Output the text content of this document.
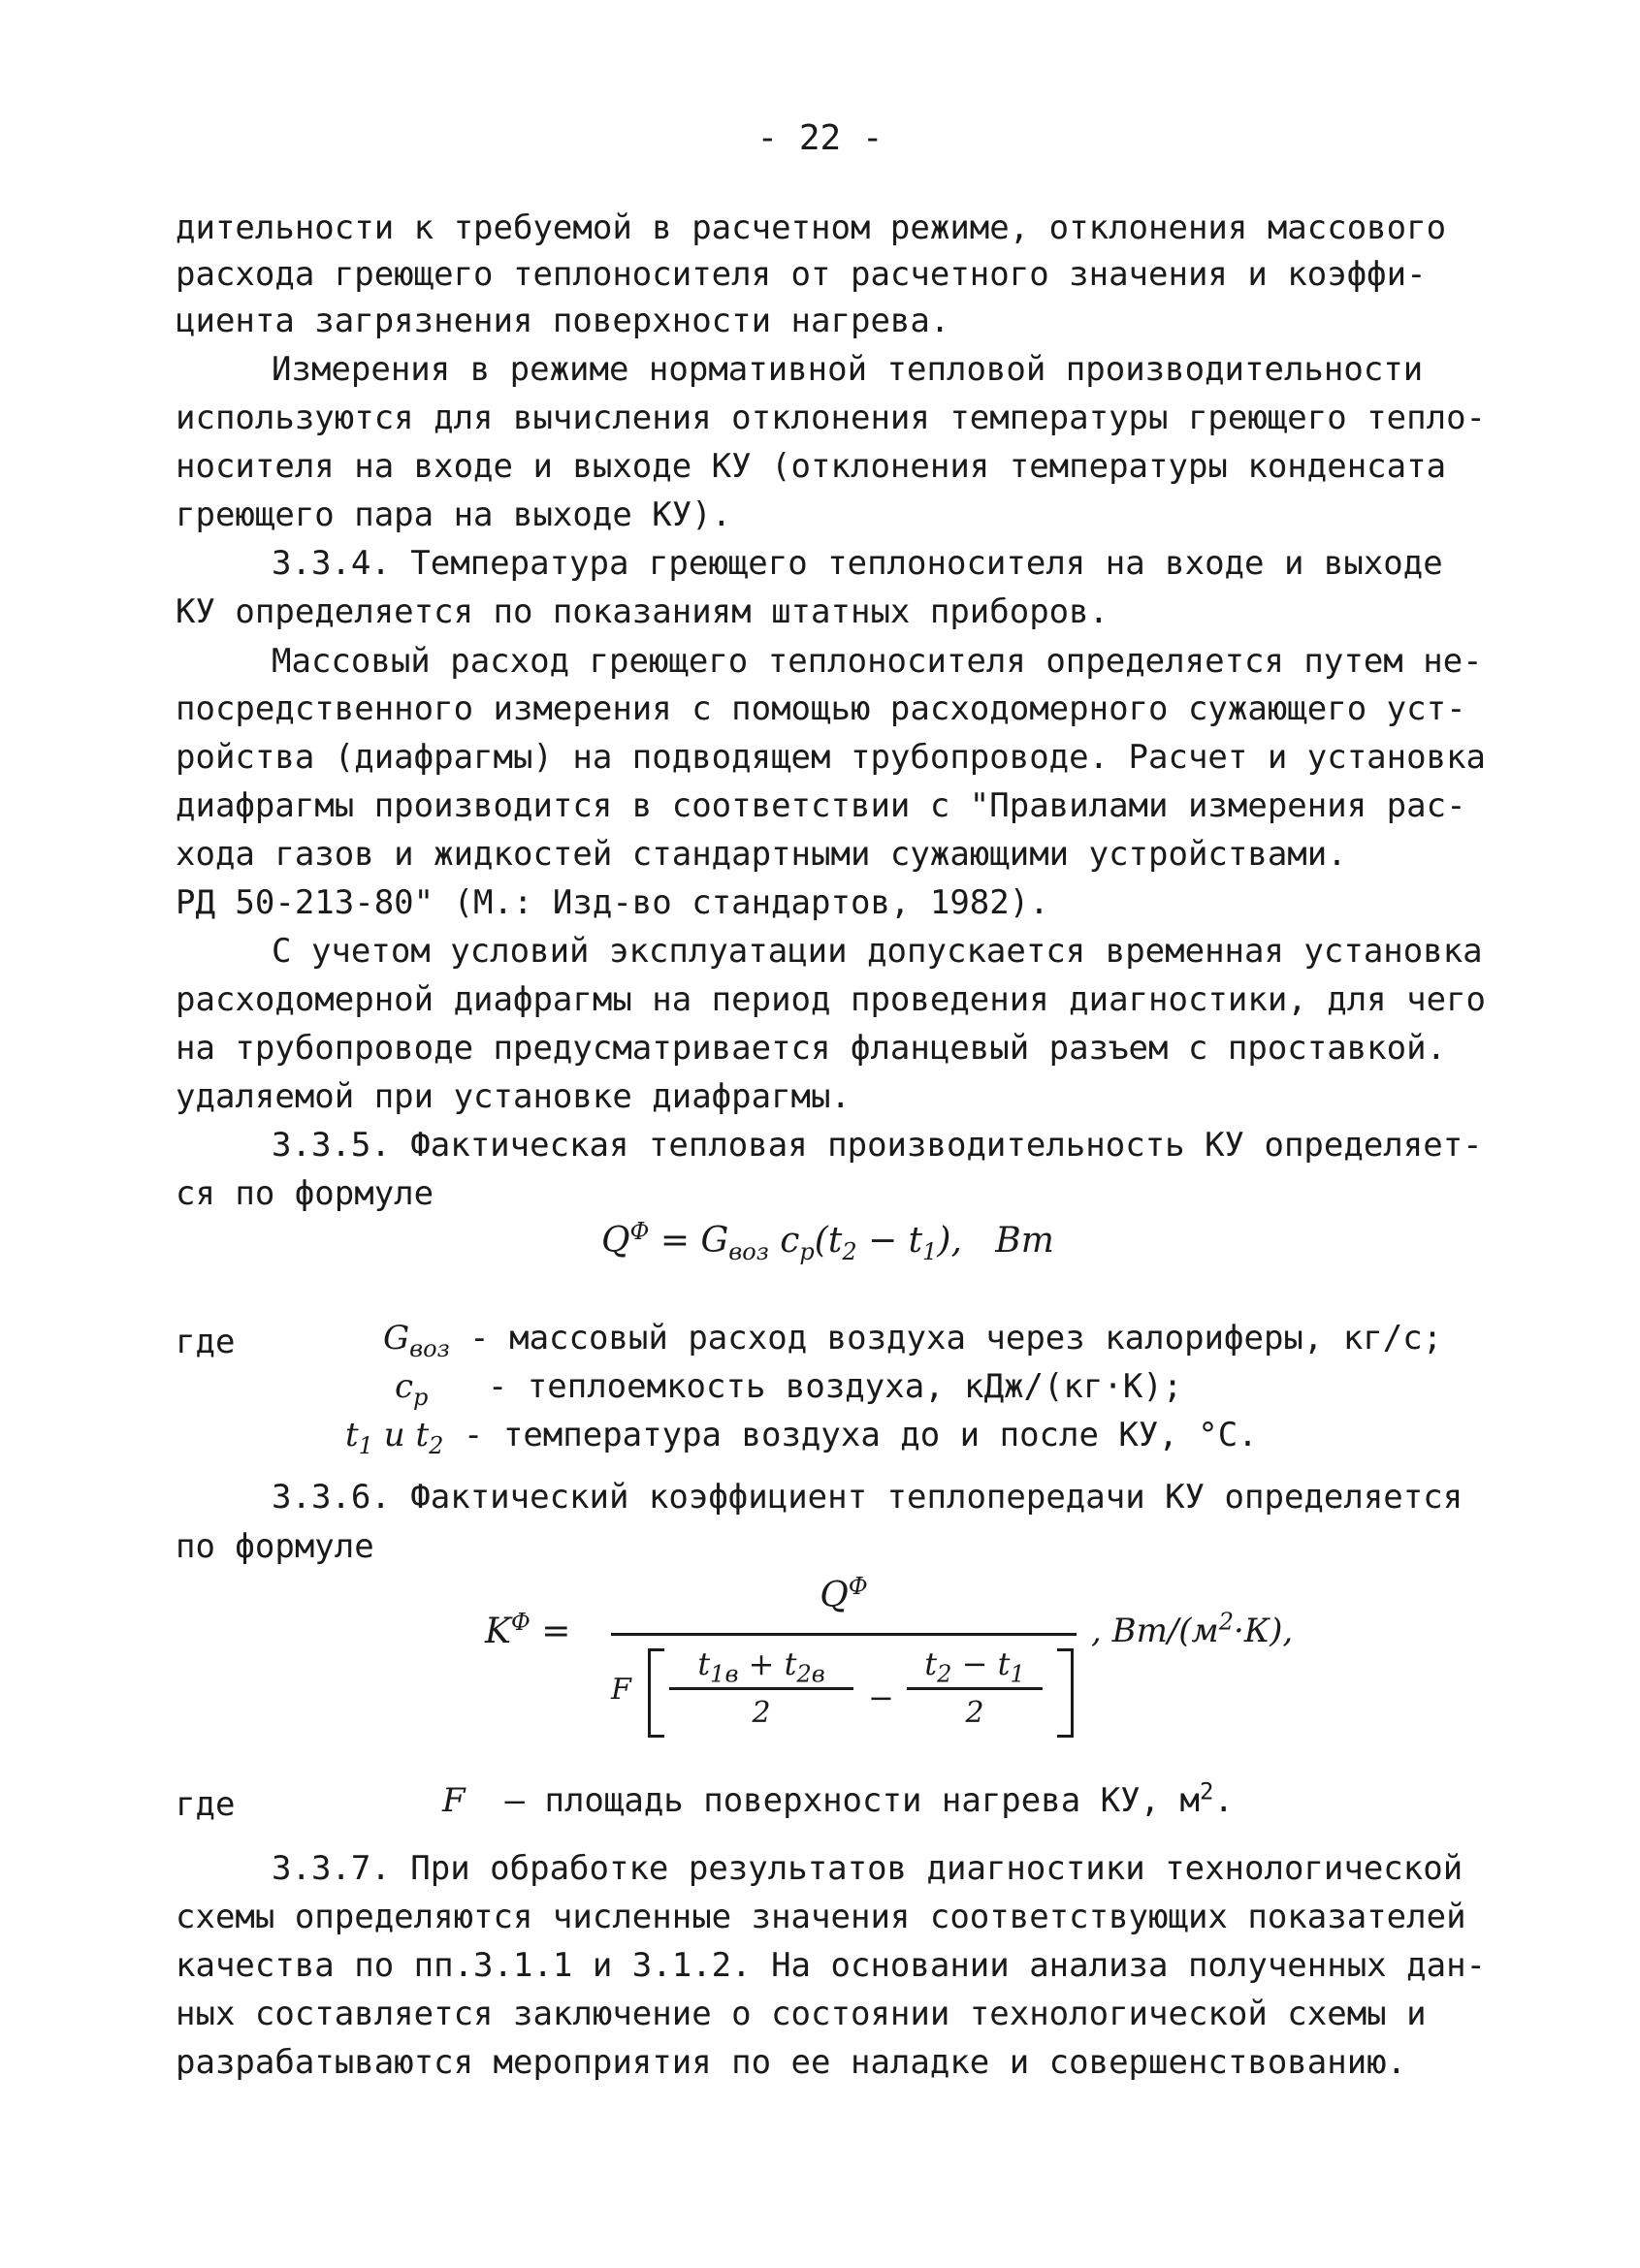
- 22 -
дительности к требуемой в расчетном режиме, отклонения массового
расхода греющего теплоносителя от расчетного значения и коэффи-
циента загрязнения поверхности нагрева.
Измерения в режиме нормативной тепловой производительности
используются для вычисления отклонения температуры греющего тепло-
носителя на входе и выходе КУ (отклонения температуры конденсата
греющего пара на выходе КУ).
3.3.4. Температура греющего теплоносителя на входе и выходе
КУ определяется по показаниям штатных приборов.
Массовый расход греющего теплоносителя определяется путем не-
посредственного измерения с помощью расходомерного сужающего уст-
ройства (диафрагмы) на подводящем трубопроводе. Расчет и установка
диафрагмы производится в соответствии с "Правилами измерения рас-
хода газов и жидкостей стандартными сужающими устройствами.
РД 50-213-80" (М.: Изд-во стандартов, 1982).
С учетом условий эксплуатации допускается временная установка
расходомерной диафрагмы на период проведения диагностики, для чего
на трубопроводе предусматривается фланцевый разъем с проставкой.
удаляемой при установке диафрагмы.
3.3.5. Фактическая тепловая производительность КУ определяет-
ся по формуле
$Q^Ф = G_{воз}$ $c_p(t_2 - t_1)$, Вт
где	$G_{воз}$ - массовый расход воздуха через калориферы, кг/с;
$c_p$ - теплоемкость воздуха, кДж/(кг·К);
$t_1$ и $t_2$ - температура воздуха до и после КУ, °С.
3.3.6. Фактический коэффициент теплопередачи КУ определяется
по формуле
$K^Ф$ =
$Q^Ф$
F
$t_{1в} + t_{2в}$
2	−
$t_2 - t_1$
2
, $Вт/(м^2\cdot К)$,
где	F – площадь поверхности нагрева КУ, $м^2$.
3.3.7. При обработке результатов диагностики технологической
схемы определяются численные значения соответствующих показателей
качества по пп.3.1.1 и 3.1.2. На основании анализа полученных дан-
ных составляется заключение о состоянии технологической схемы и
разрабатываются мероприятия по ее наладке и совершенствованию.
